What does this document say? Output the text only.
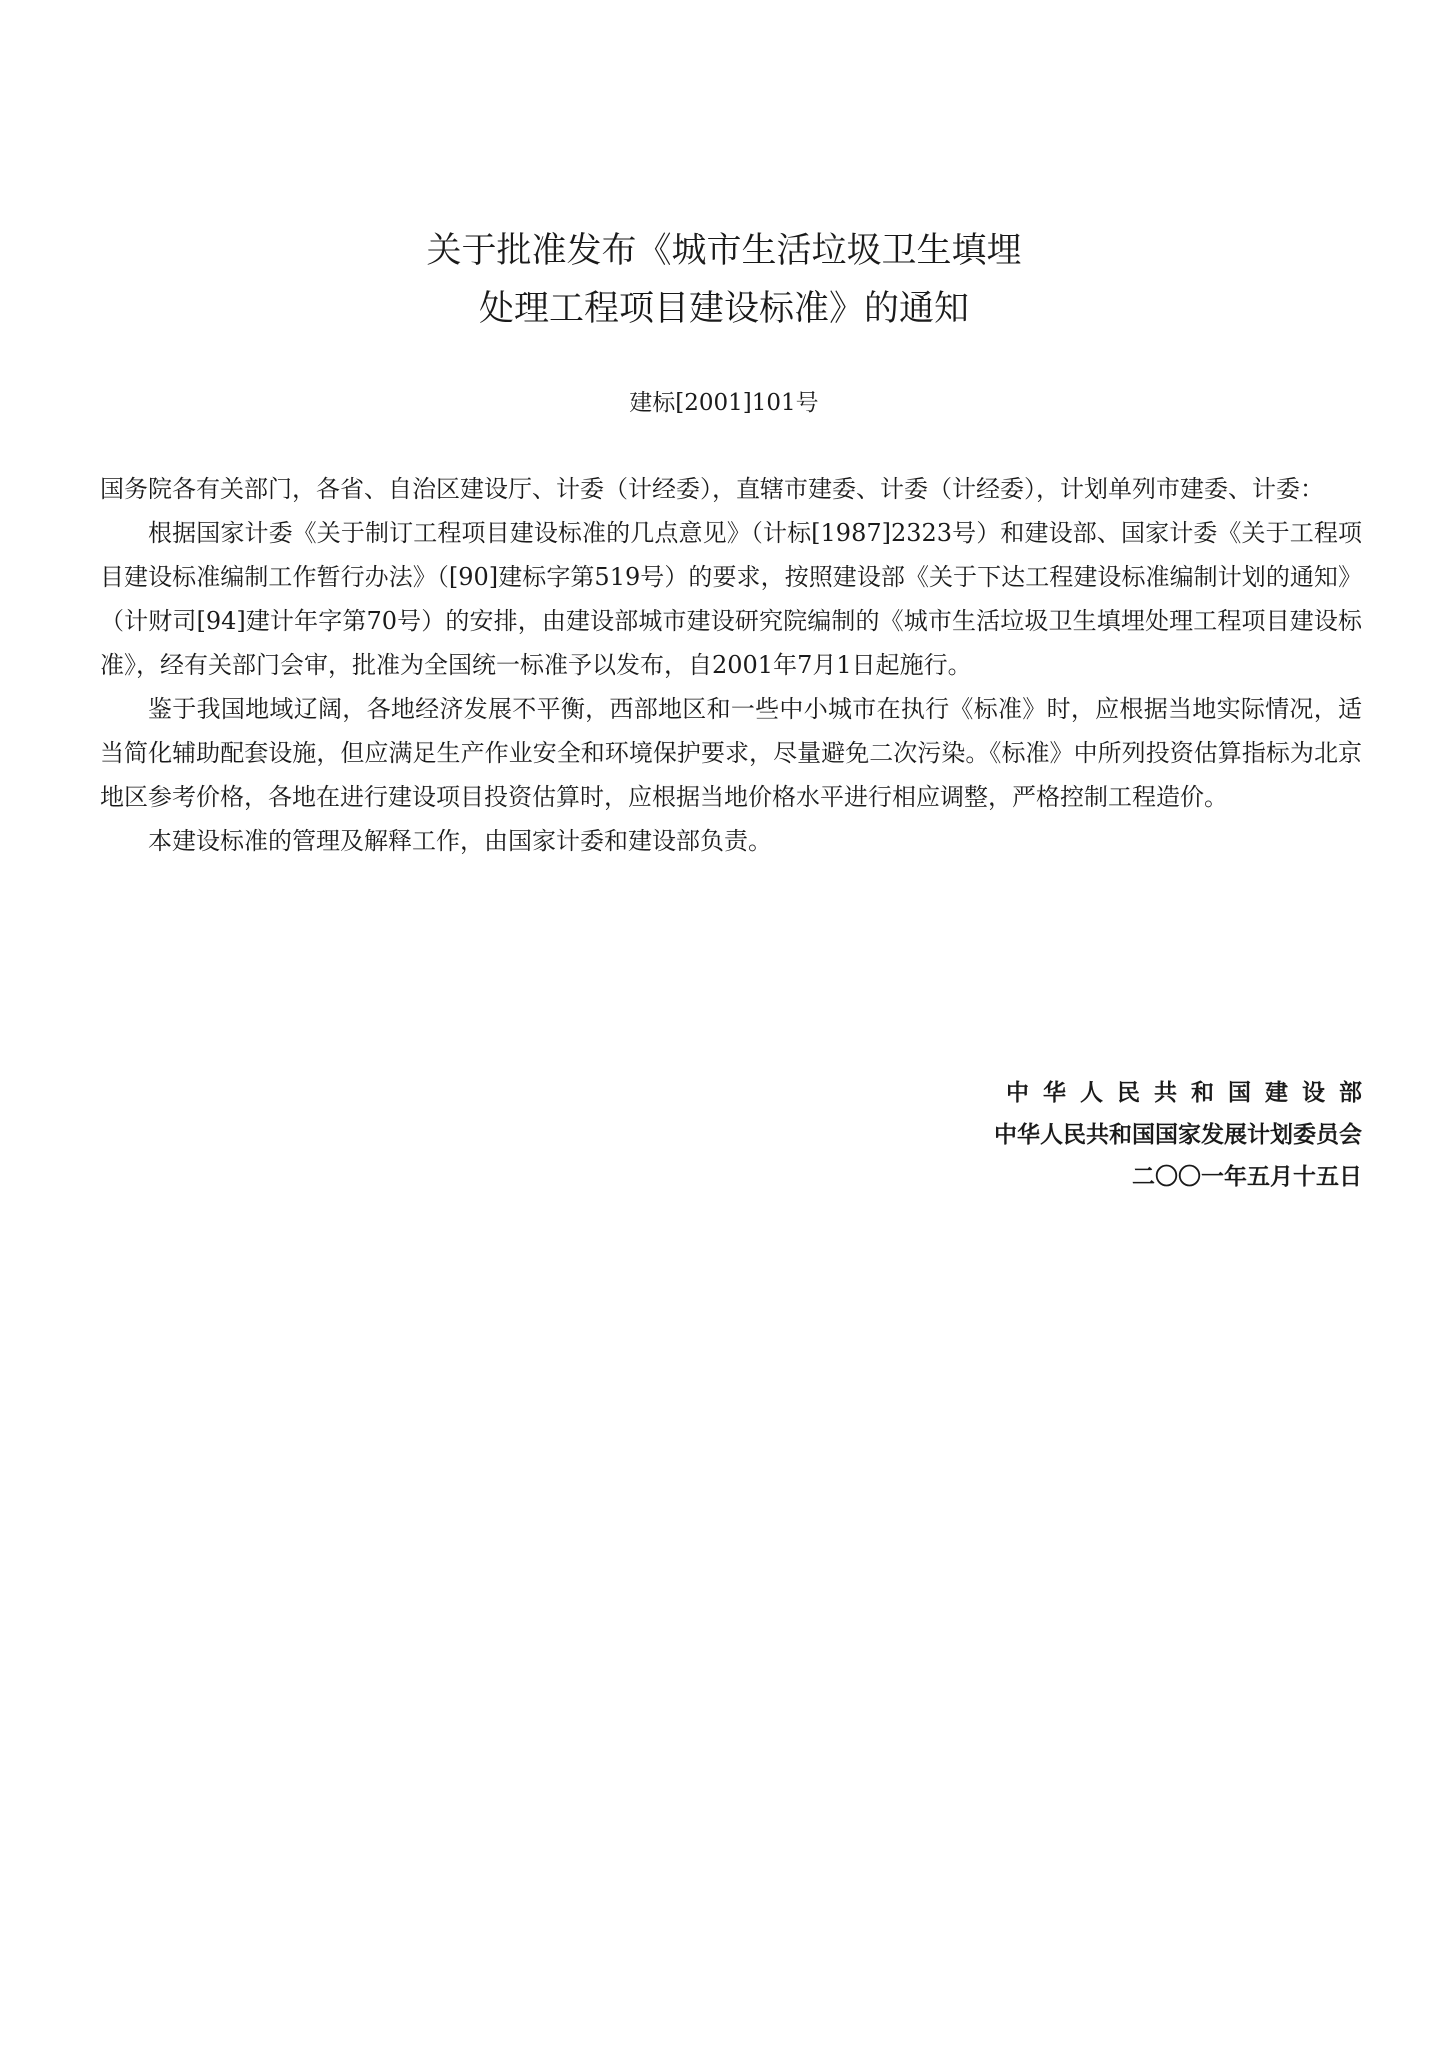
关于批准发布《城市生活垃圾卫生填埋
处理工程项目建设标准》的通知
建标[2001]101号

国务院各有关部门，各省、自治区建设厅、计委（计经委），直辖市建委、计委（计经委），计划单列市建委、计委：

根据国家计委《关于制订工程项目建设标准的几点意见》（计标[1987]2323号）和建设部、国家计委《关于工程项目建设标准编制工作暂行办法》（[90]建标字第519号）的要求，按照建设部《关于下达工程建设标准编制计划的通知》（计财司[94]建计年字第70号）的安排，由建设部城市建设研究院编制的《城市生活垃圾卫生填埋处理工程项目建设标准》，经有关部门会审，批准为全国统一标准予以发布，自2001年7月1日起施行。

鉴于我国地域辽阔，各地经济发展不平衡，西部地区和一些中小城市在执行《标准》时，应根据当地实际情况，适当简化辅助配套设施，但应满足生产作业安全和环境保护要求，尽量避免二次污染。《标准》中所列投资估算指标为北京地区参考价格，各地在进行建设项目投资估算时，应根据当地价格水平进行相应调整，严格控制工程造价。

本建设标准的管理及解释工作，由国家计委和建设部负责。

中华人民共和国建设部
中华人民共和国国家发展计划委员会
二〇〇一年五月十五日
